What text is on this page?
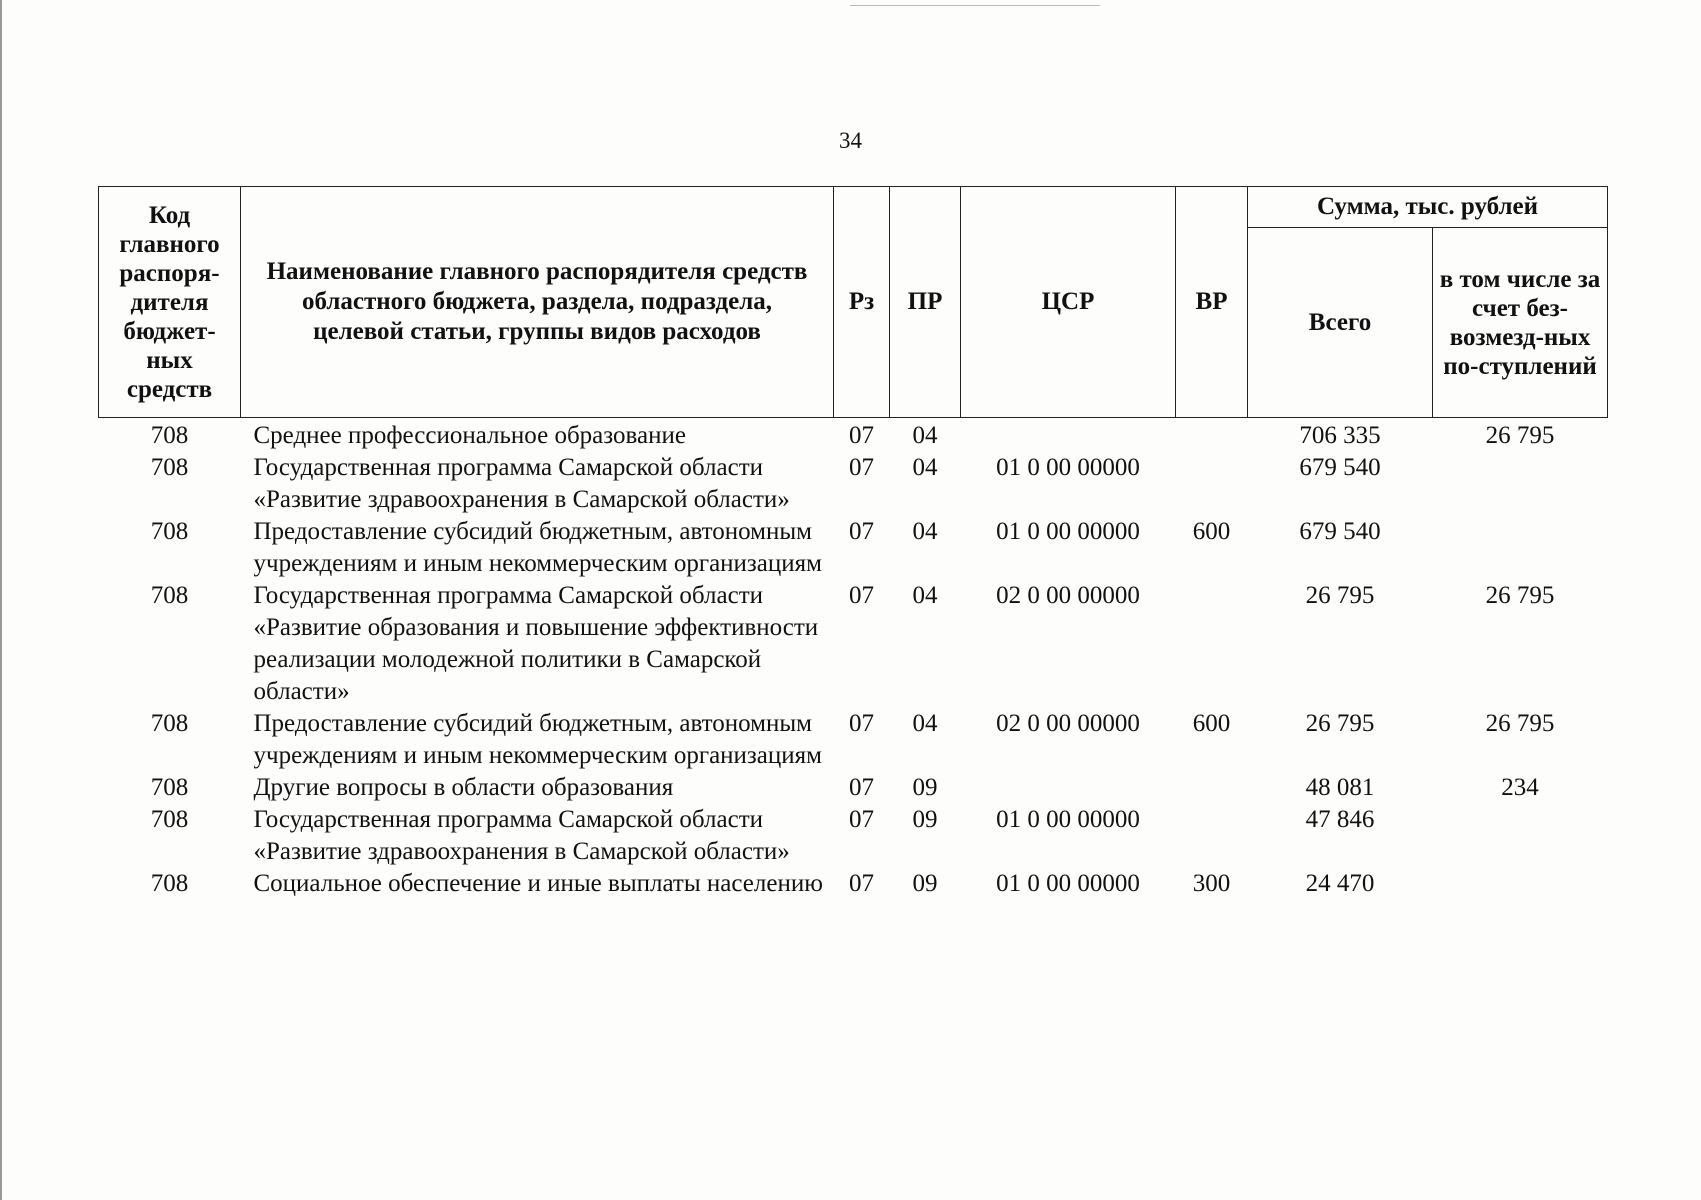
34
Код главного распоря-дителя бюджет-ных средств	Наименование главного распорядителя средств областного бюджета, раздела, подраздела, целевой статьи, группы видов расходов	Рз	ПР	ЦСР	ВР	Сумма, тыс. рублей	
						Всего	в том числе за счет без-возмезд-ных по-ступлений
708	Среднее профессиональное образование	07	04			706 335	26 795
708	Государственная программа Самарской области «Развитие здравоохранения в Самарской области»	07	04	01 0 00 00000		679 540	
708	Предоставление субсидий бюджетным, автономным учреждениям и иным некоммерческим организациям	07	04	01 0 00 00000	600	679 540	
708	Государственная программа Самарской области «Развитие образования и повышение эффективности реализации молодежной политики в Самарской области»	07	04	02 0 00 00000		26 795	26 795
708	Предоставление субсидий бюджетным, автономным учреждениям и иным некоммерческим организациям	07	04	02 0 00 00000	600	26 795	26 795
708	Другие вопросы в области образования	07	09			48 081	234
708	Государственная программа Самарской области «Развитие здравоохранения в Самарской области»	07	09	01 0 00 00000		47 846	
708	Социальное обеспечение и иные выплаты населению	07	09	01 0 00 00000	300	24 470	
